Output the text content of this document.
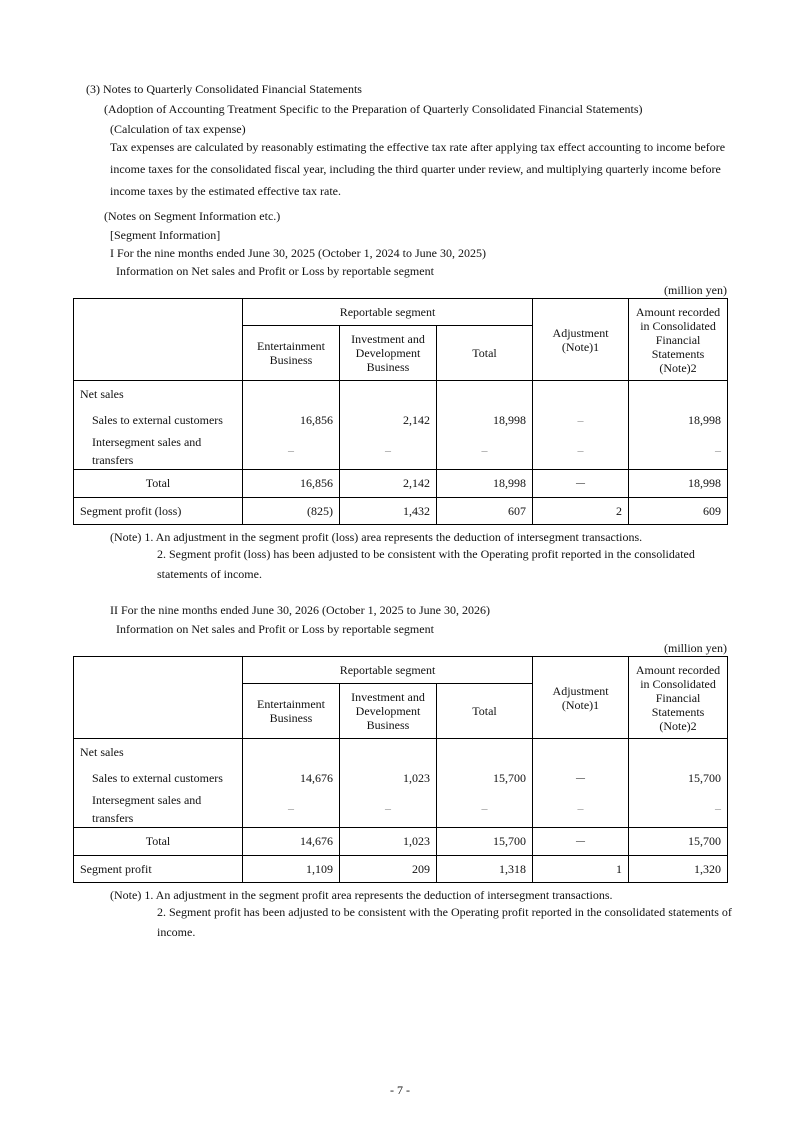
(3) Notes to Quarterly Consolidated Financial Statements
(Adoption of Accounting Treatment Specific to the Preparation of Quarterly Consolidated Financial Statements)
(Calculation of tax expense)
Tax expenses are calculated by reasonably estimating the effective tax rate after applying tax effect accounting to income before income taxes for the consolidated fiscal year, including the third quarter under review, and multiplying quarterly income before income taxes by the estimated effective tax rate.
(Notes on Segment Information etc.)
[Segment Information]
I For the nine months ended June 30, 2025 (October 1, 2024 to June 30, 2025)
Information on Net sales and Profit or Loss by reportable segment
(million yen)
	Reportable segment			Adjustment (Note)1	Amount recorded in Consolidated Financial Statements (Note)2
	Entertainment Business	Investment and Development Business	Total		
Net sales					
Sales to external customers	16,856	2,142	18,998	–	18,998
Intersegment sales and transfers	–	–	–	–	–
Total	16,856	2,142	18,998	－	18,998
Segment profit (loss)	(825)	1,432	607	2	609
(Note) 1. An adjustment in the segment profit (loss) area represents the deduction of intersegment transactions.
2. Segment profit (loss) has been adjusted to be consistent with the Operating profit reported in the consolidated statements of income.
II For the nine months ended June 30, 2026 (October 1, 2025 to June 30, 2026)
Information on Net sales and Profit or Loss by reportable segment
(million yen)
	Reportable segment			Adjustment (Note)1	Amount recorded in Consolidated Financial Statements (Note)2
	Entertainment Business	Investment and Development Business	Total		
Net sales					
Sales to external customers	14,676	1,023	15,700	－	15,700
Intersegment sales and transfers	–	–	–	–	–
Total	14,676	1,023	15,700	－	15,700
Segment profit	1,109	209	1,318	1	1,320
(Note) 1. An adjustment in the segment profit area represents the deduction of intersegment transactions.
2. Segment profit has been adjusted to be consistent with the Operating profit reported in the consolidated statements of income.
- 7 -
